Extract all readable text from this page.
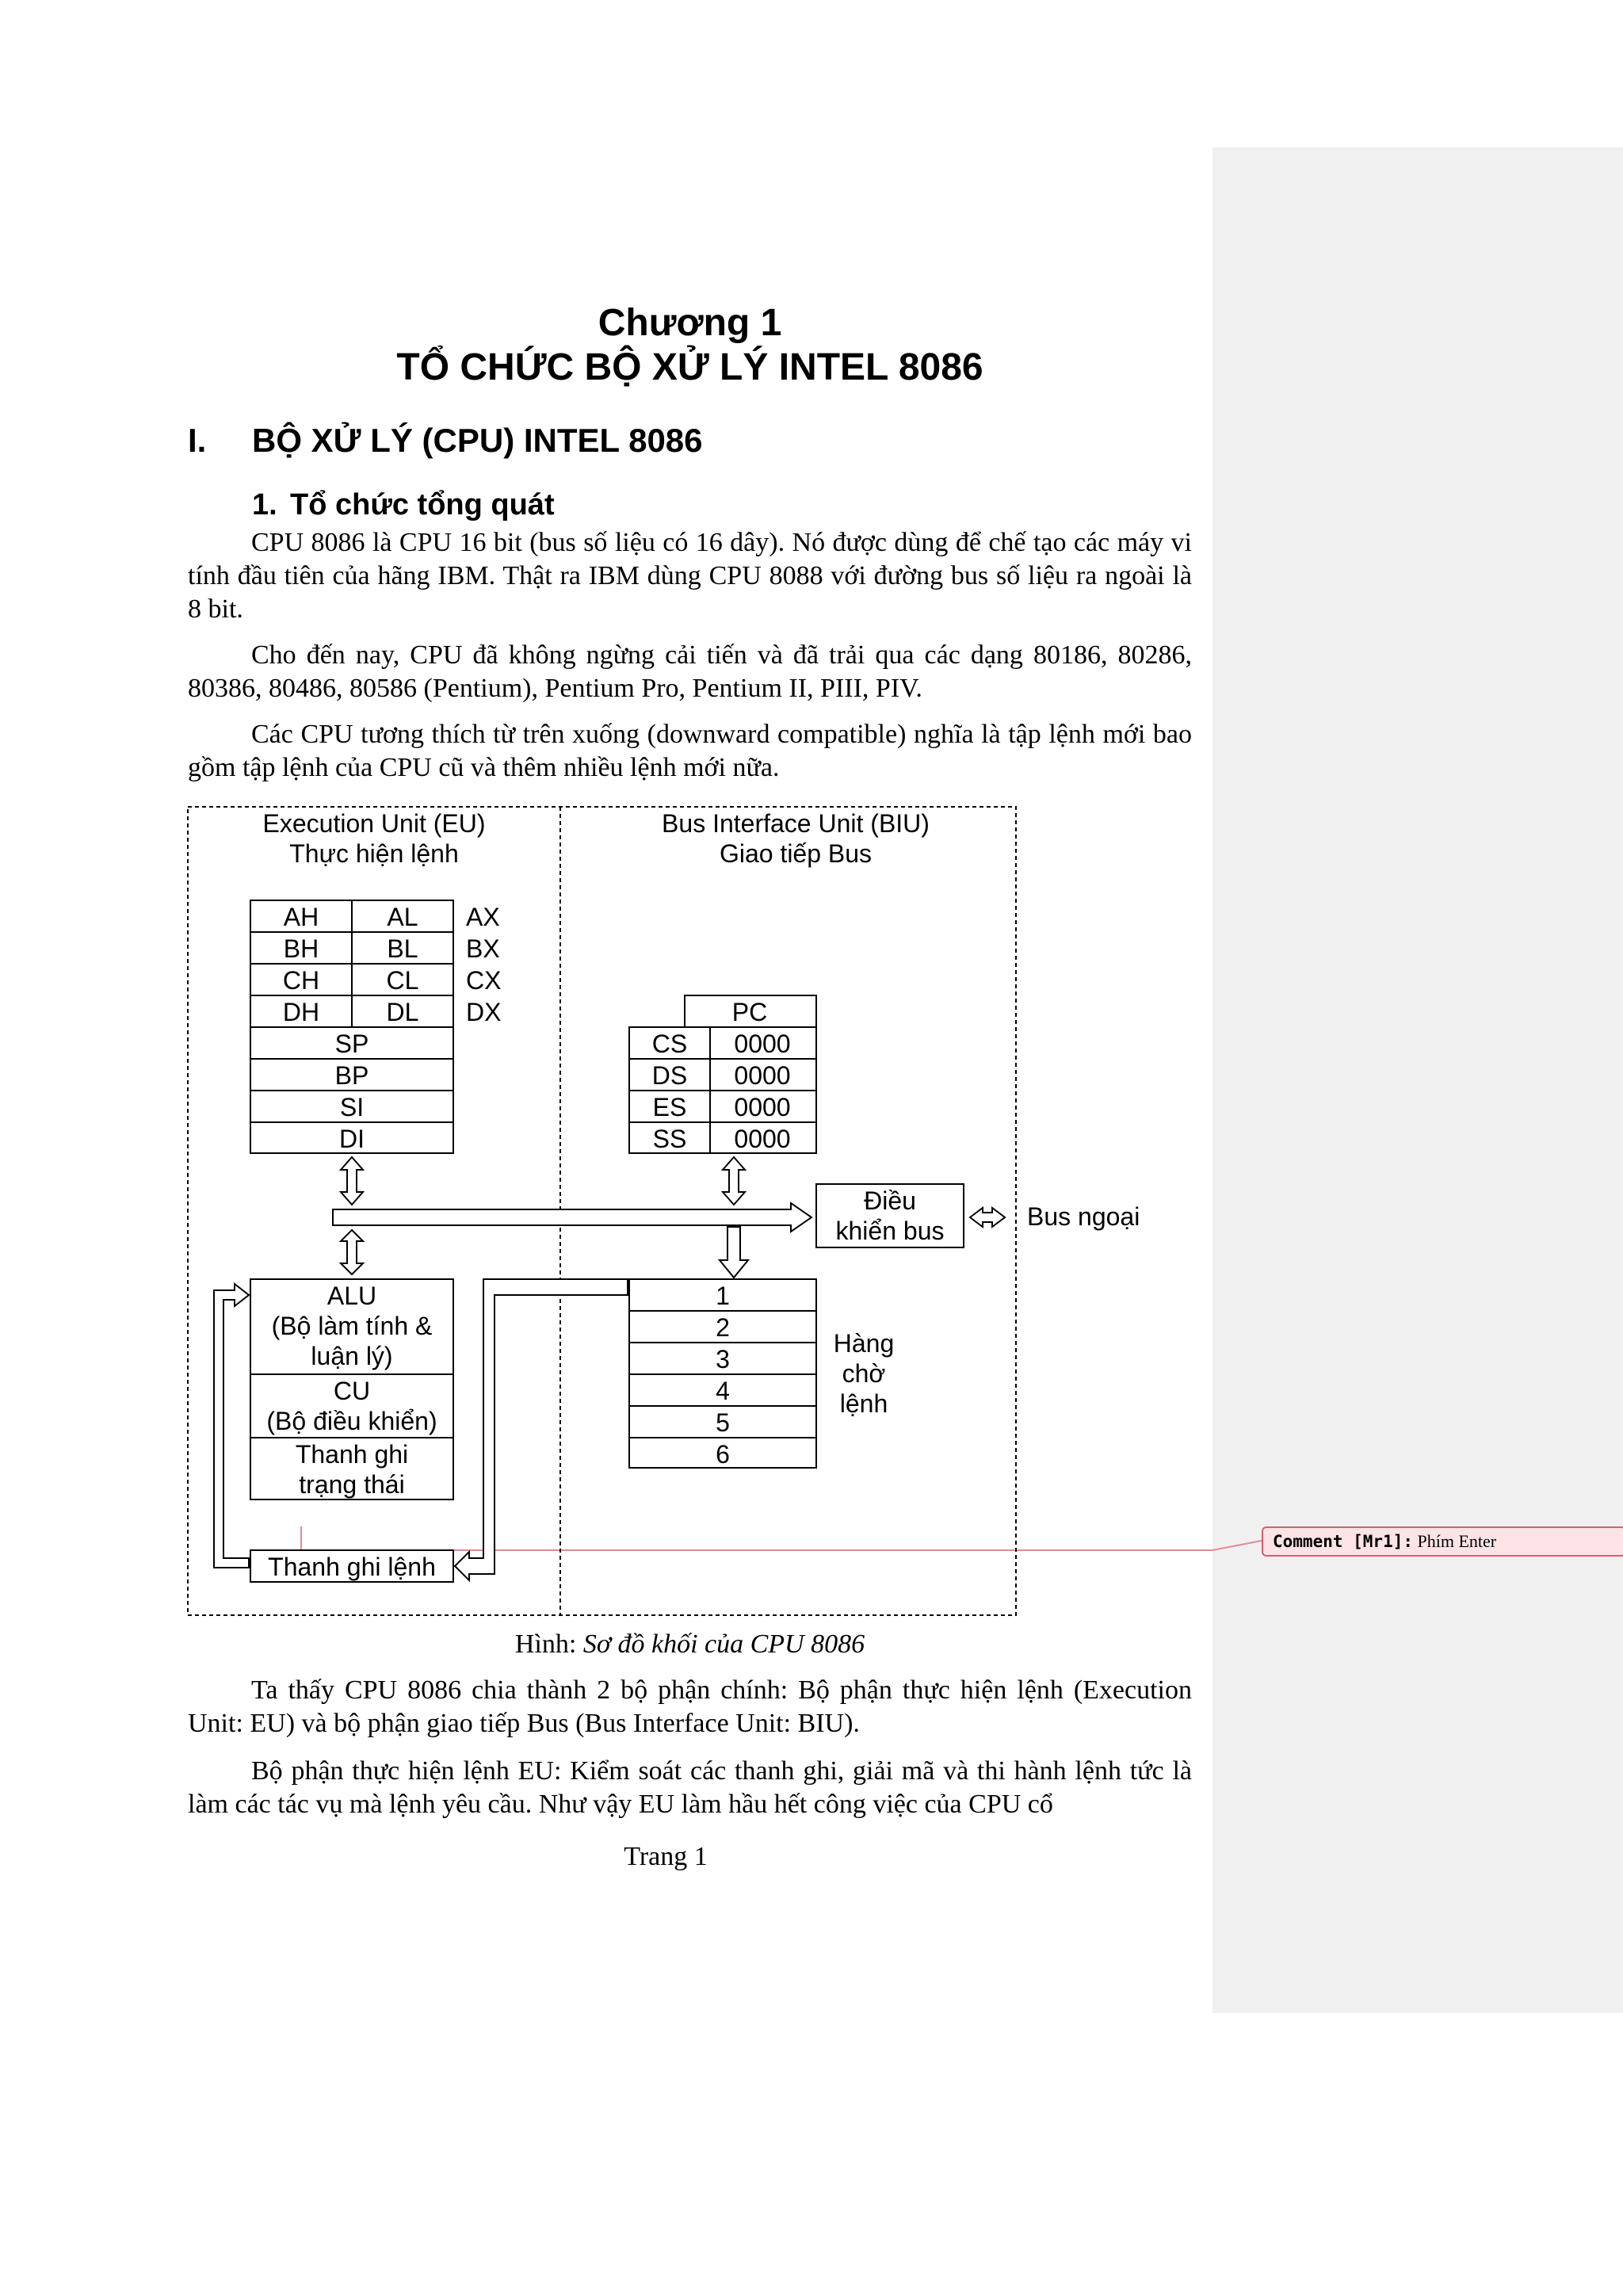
Comment [Mr1]: Phím Enter
Chương 1
TỔ CHỨC BỘ XỬ LÝ INTEL 8086
I. BỘ XỬ LÝ (CPU) INTEL 8086
1. Tổ chức tổng quát

CPU 8086 là CPU 16 bit (bus số liệu có 16 dây). Nó được dùng để chế tạo các máy vi tính đầu tiên của hãng IBM. Thật ra IBM dùng CPU 8088 với đường bus số liệu ra ngoài là 8 bit.

Cho đến nay, CPU đã không ngừng cải tiến và đã trải qua các dạng 80186, 80286, 80386, 80486, 80586 (Pentium), Pentium Pro, Pentium II, PIII, PIV.

Các CPU tương thích từ trên xuống (downward compatible) nghĩa là tập lệnh mới bao gồm tập lệnh của CPU cũ và thêm nhiều lệnh mới nữa.

Execution Unit (EU)
Thực hiện lệnh
Bus Interface Unit (BIU)
Giao tiếp Bus
AH	AL AX
BH	BL BX
CH	CL CX
DH	DL DX
SP
BP
SI
DI
PC
CS 0000
DS 0000
ES 0000
SS 0000
Điều
khiển bus	Bus ngoại
ALU
(Bộ làm tính &
luận lý)
CU
(Bộ điều khiển)
Thanh ghi
trạng thái
Thanh ghi lệnh
1
2
3
4
5
6
Hàng
chờ
lệnh
Hình: Sơ đồ khối của CPU 8086

Ta thấy CPU 8086 chia thành 2 bộ phận chính: Bộ phận thực hiện lệnh (Execution Unit: EU) và bộ phận giao tiếp Bus (Bus Interface Unit: BIU).

Bộ phận thực hiện lệnh EU: Kiểm soát các thanh ghi, giải mã và thi hành lệnh tức là làm các tác vụ mà lệnh yêu cầu. Như vậy EU làm hầu hết công việc của CPU cổ

Trang 1
